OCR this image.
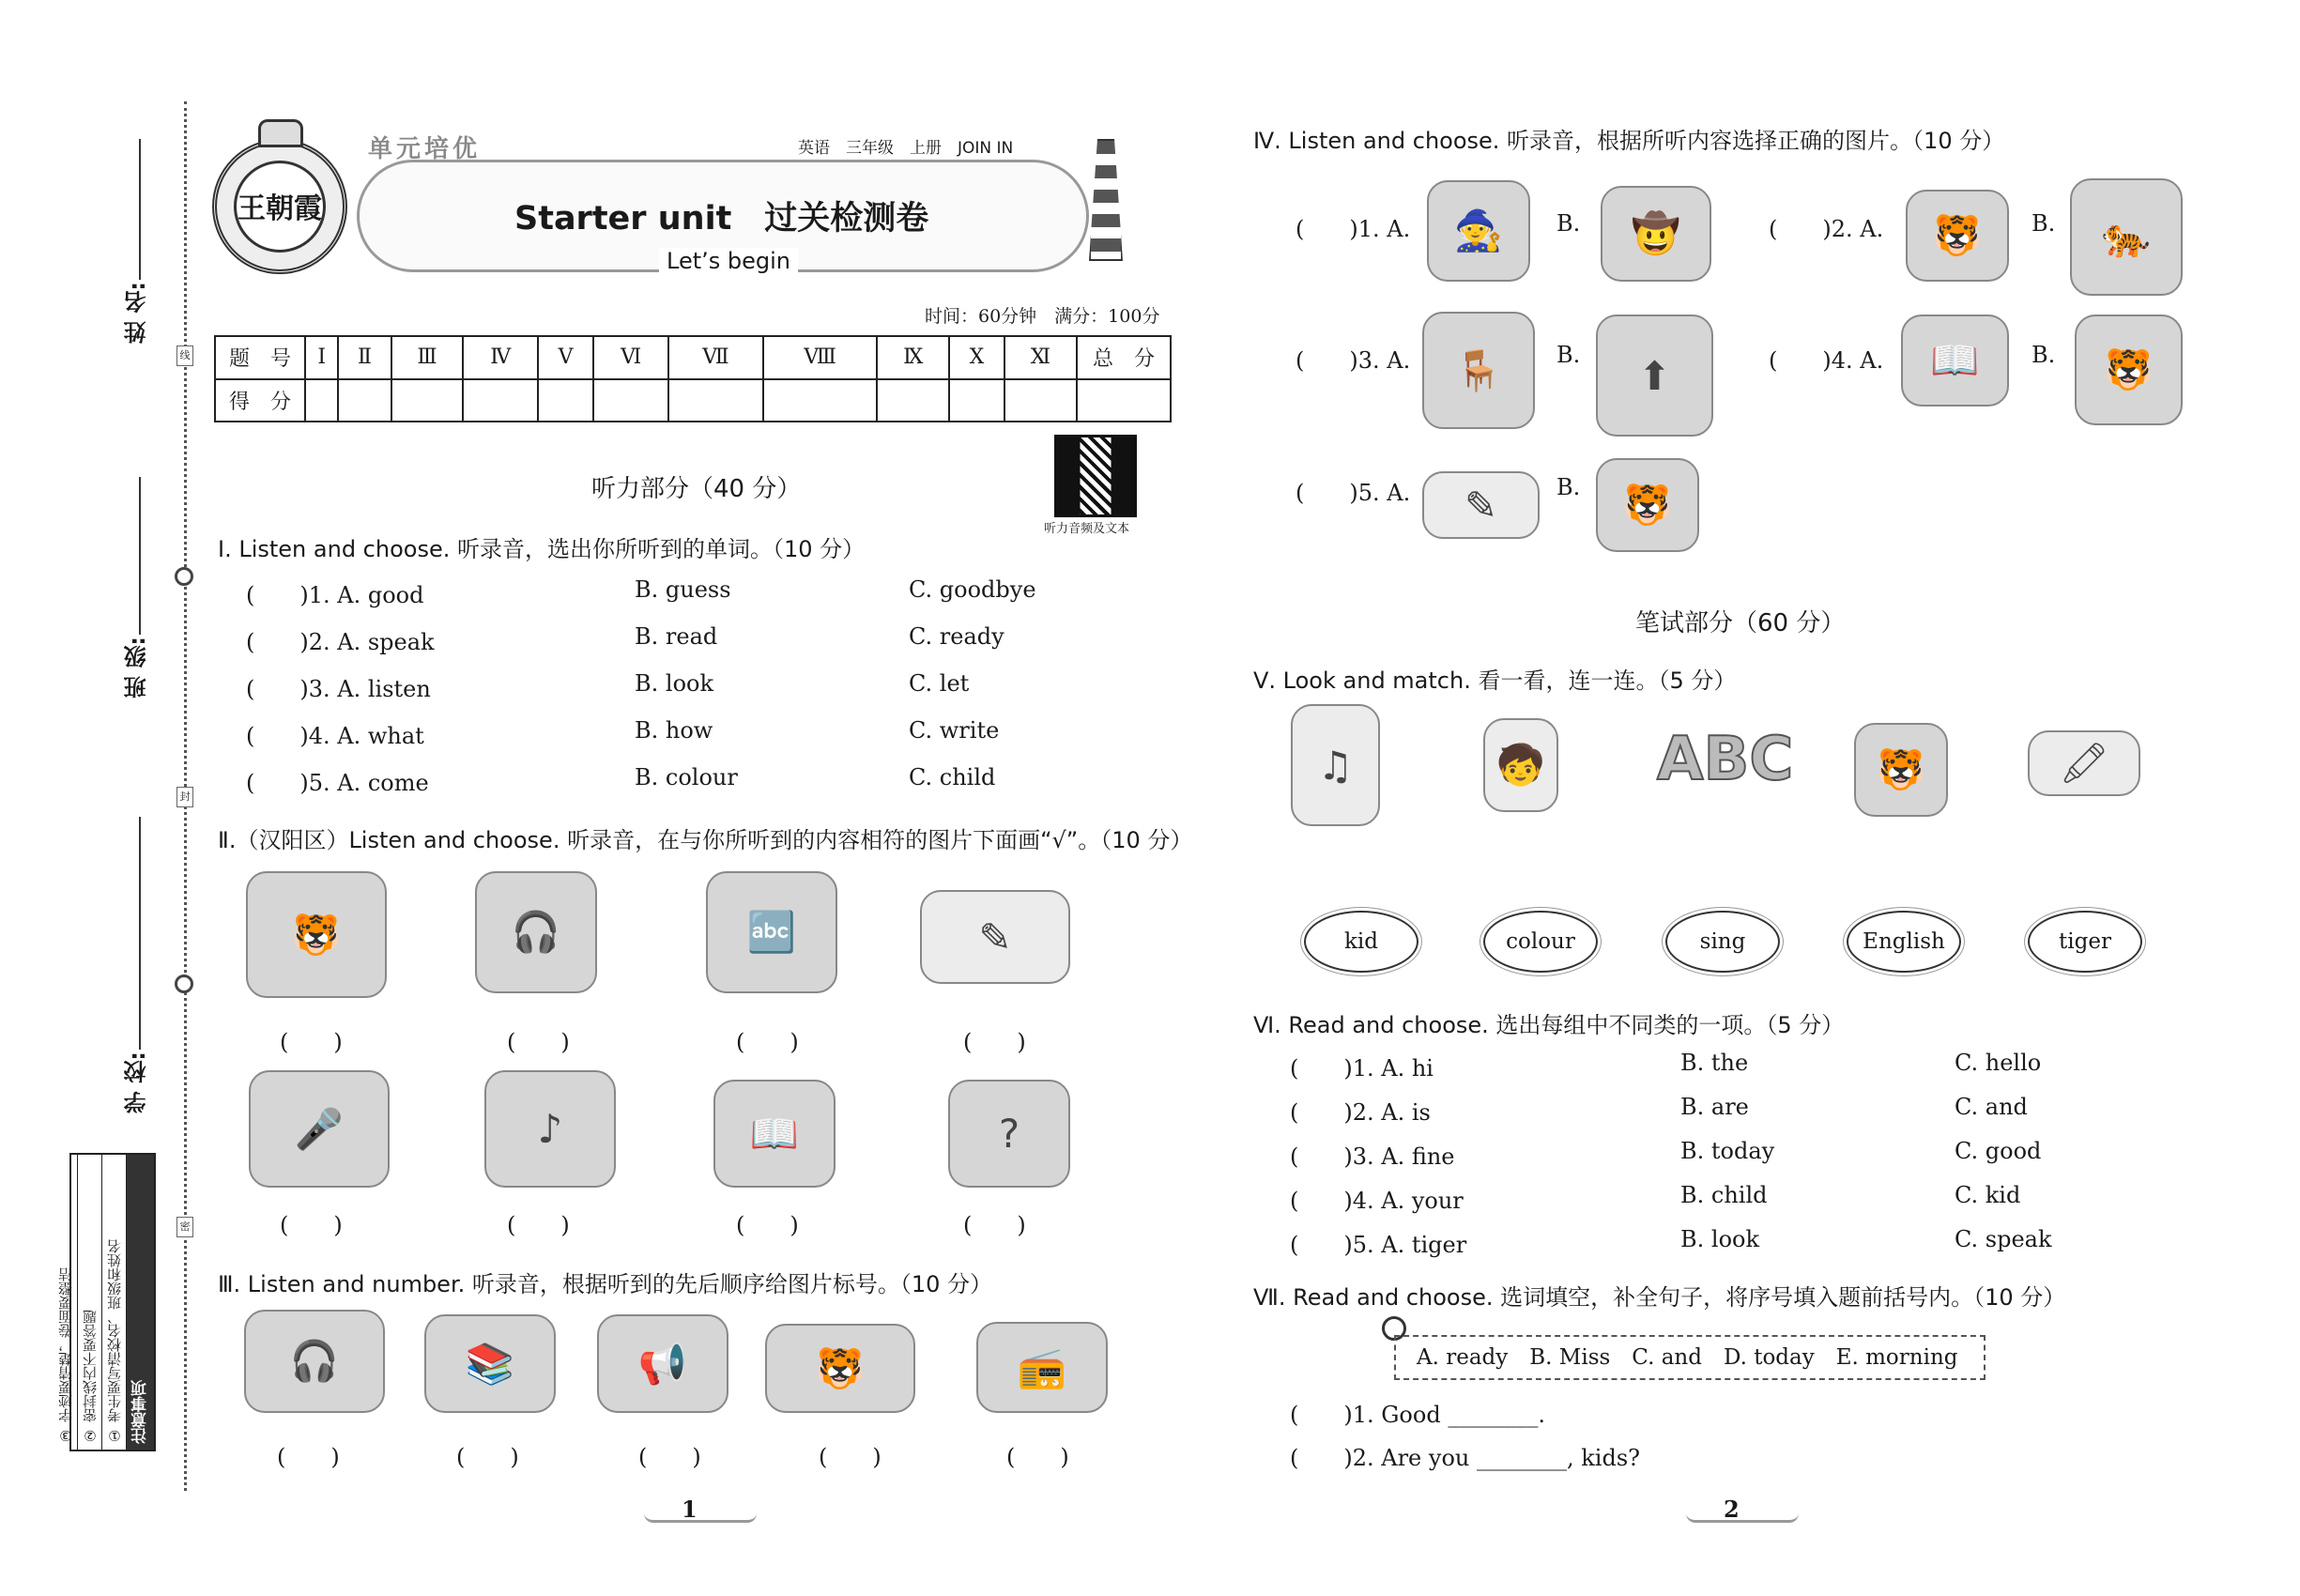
姓 名:
班 级:
学 校:
线
封
密
注意事项
① 考生要写清校名、班级和姓名
② 密封线内不要答题
③ 字迹要清楚，卷面要整洁
王朝霞
单元培优	英语　三年级　上册　JOIN IN
Starter unit　过关检测卷
Let’s begin
时间：60分钟　满分：100分
题　号	Ⅰ	Ⅱ	Ⅲ	Ⅳ	Ⅴ	Ⅵ	Ⅶ	Ⅷ	Ⅸ	Ⅹ	Ⅺ	总　分
得　分												
听力音频及文本
听力部分（40 分）
Ⅰ. Listen and choose. 听录音，选出你所听到的单词。（10 分）
(　　)1. A. good	B. guess	C. goodbye
(　　)2. A. speak	B. read	C. ready
(　　)3. A. listen	B. look	C. let
(　　)4. A. what	B. how	C. write
(　　)5. A. come	B. colour	C. child
Ⅱ.（汉阳区）Listen and choose. 听录音，在与你所听到的内容相符的图片下面画“√”。（10 分）
🐯	🎧	🔤	✎
(　　)	(　　)	(　　)	(　　)
🎤	♪	📖	?
(　　)	(　　)	(　　)	(　　)
Ⅲ. Listen and number. 听录音，根据听到的先后顺序给图片标号。（10 分）
🎧	📚	📢	🐯	📻
(　　)	(　　)	(　　)	(　　)	(　　)
1
Ⅳ. Listen and choose. 听录音，根据所听内容选择正确的图片。（10 分）
(　　)1. A. 🧙 B. 🤠	(　　)2. A. 🐯 B. 🐅
(　　)3. A. 🪑 B. ⬆	(　　)4. A. 📖 B. 🐯
(　　)5. A. ✎	B. 🐯
笔试部分（60 分）
Ⅴ. Look and match. 看一看，连一连。（5 分）
♫	🧒 ABC 🐯	🖍
kid	colour	sing	English	tiger
Ⅵ. Read and choose. 选出每组中不同类的一项。（5 分）
(　　)1. A. hi	B. the	C. hello
(　　)2. A. is	B. are	C. and
(　　)3. A. fine	B. today	C. good
(　　)4. A. your	B. child	C. kid
(　　)5. A. tiger	B. look	C. speak
Ⅶ. Read and choose. 选词填空，补全句子，将序号填入题前括号内。（10 分）
A. ready　B. Miss　C. and　D. today　E. morning
(　　)1. Good ________.
(　　)2. Are you ________, kids?
2
